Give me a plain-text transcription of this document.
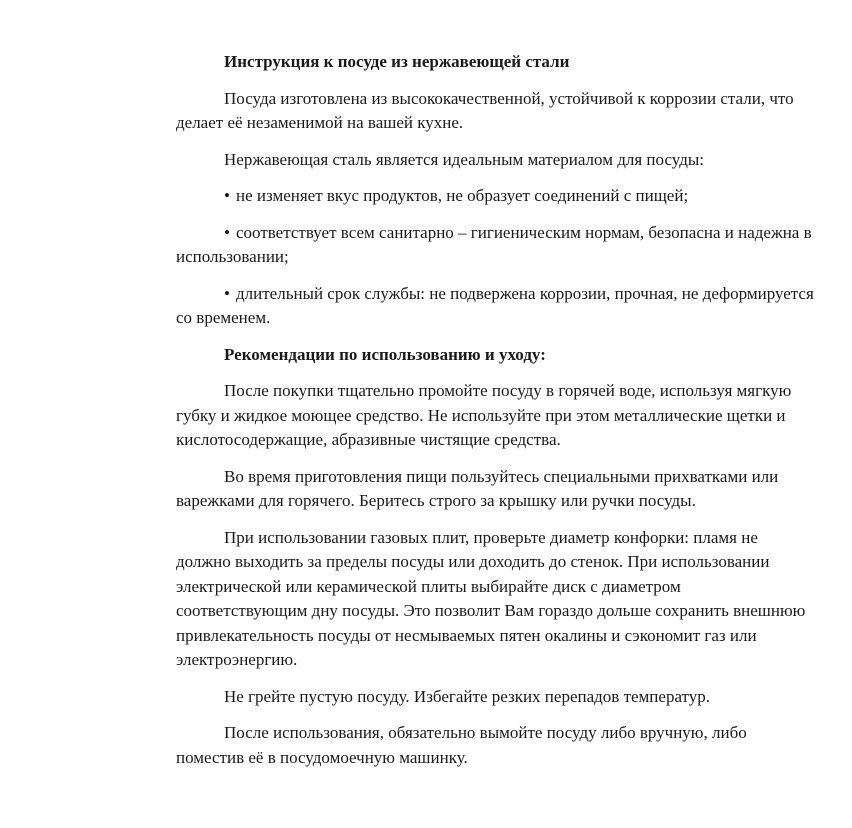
Инструкция к посуде из нержавеющей стали

Посуда изготовлена из высококачественной, устойчивой к коррозии стали, что делает её незаменимой на вашей кухне.

Нержавеющая сталь является идеальным материалом для посуды:

• не изменяет вкус продуктов, не образует соединений с пищей;

• соответствует всем санитарно – гигиеническим нормам, безопасна и надежна в использовании;

• длительный срок службы: не подвержена коррозии, прочная, не деформируется со временем.

Рекомендации по использованию и уходу:

После покупки тщательно промойте посуду в горячей воде, используя мягкую губку и жидкое моющее средство. Не используйте при этом металлические щетки и кислотосодержащие, абразивные чистящие средства.

Во время приготовления пищи пользуйтесь специальными прихватками или варежками для горячего. Беритесь строго за крышку или ручки посуды.

При использовании газовых плит, проверьте диаметр конфорки: пламя не должно выходить за пределы посуды или доходить до стенок. При использовании электрической или керамической плиты выбирайте диск с диаметром соответствующим дну посуды. Это позволит Вам гораздо дольше сохранить внешнюю привлекательность посуды от несмываемых пятен окалины и сэкономит газ или электроэнергию.

Не грейте пустую посуду. Избегайте резких перепадов температур.

После использования, обязательно вымойте посуду либо вручную, либо поместив её в посудомоечную машинку.
